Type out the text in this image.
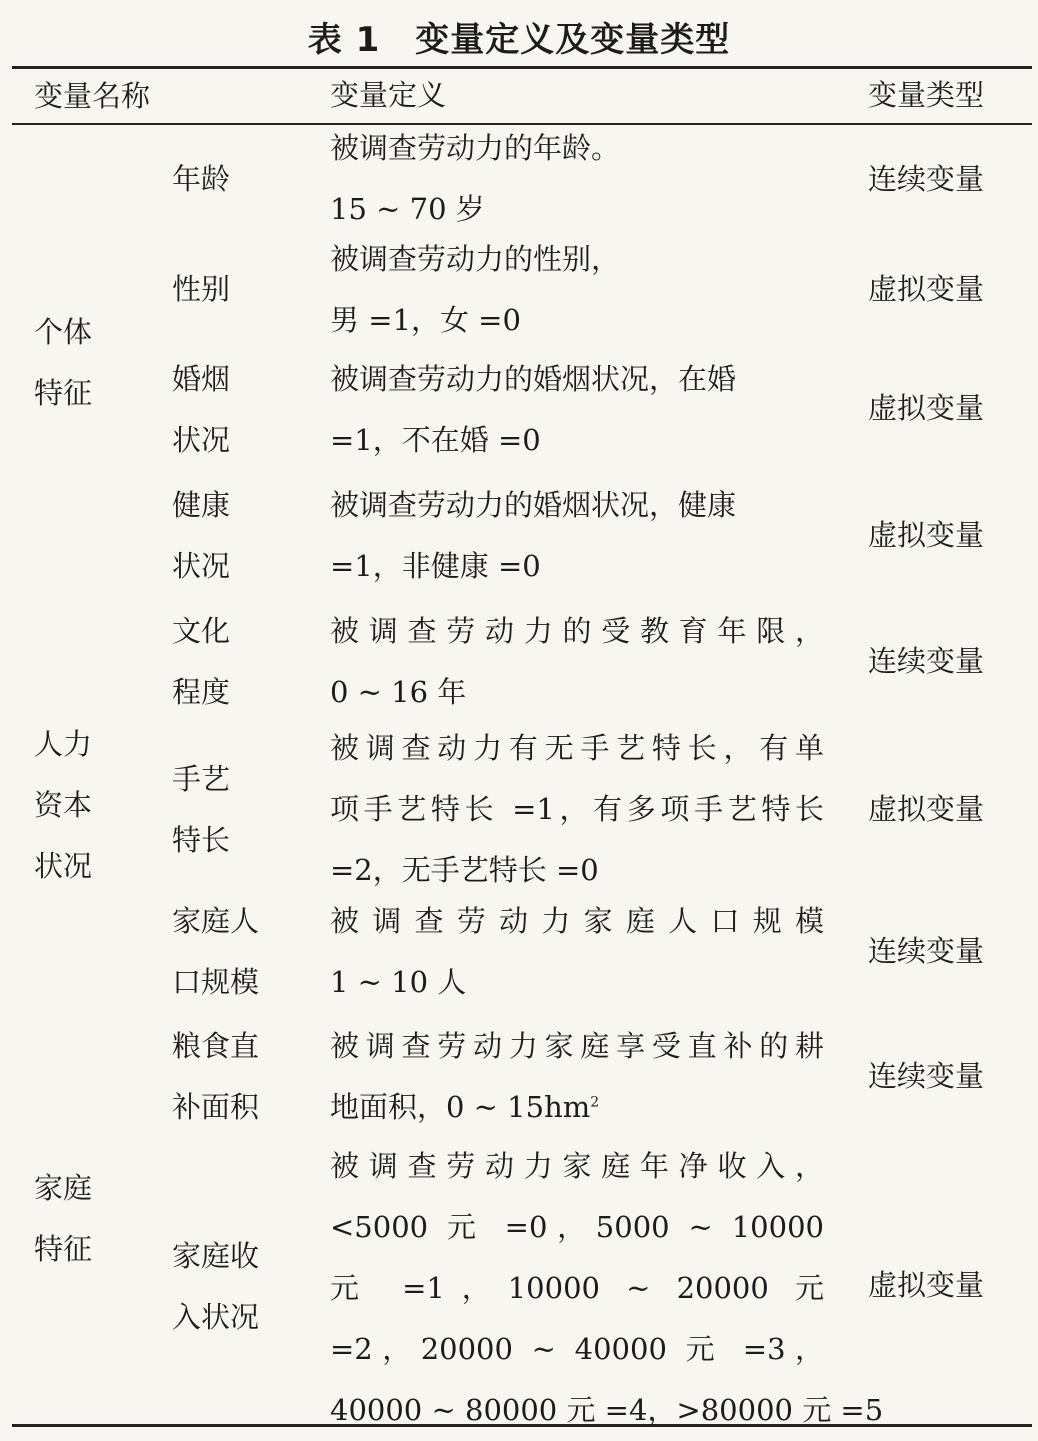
表 1　变量定义及变量类型
变量名称	变量定义	变量类型
个体
特征
人力
资本
状况
家庭
特征
年龄
被调查劳动力的年龄。
15 ~ 70 岁
连续变量
性别
被调查劳动力的性别，
男 =1，女 =0
虚拟变量
婚烟
状况
被调查劳动力的婚烟状况，在婚
=1，不在婚 =0
虚拟变量
健康
状况
被调查劳动力的婚烟状况，健康
=1，非健康 =0
虚拟变量
文化
程度
被调查劳动力的受教育年限，
0 ~ 16 年
连续变量
手艺
特长
被调查动力有无手艺特长，有单
项手艺特长 =1，有多项手艺特长
=2，无手艺特长 =0
虚拟变量
家庭人
口规模
被调查劳动力家庭人口规模
1 ~ 10 人
连续变量
粮食直
补面积
被调查劳动力家庭享受直补的耕
地面积，0 ~ $15hm^2$
连续变量
家庭收
入状况
被调查劳动力家庭年净收入，
<5000 元 =0，5000 ~ 10000
元 =1，10000 ~ 20000 元
=2，20000 ~ 40000 元 =3，
40000 ~ 80000 元 =4，>80000 元 =5
虚拟变量
